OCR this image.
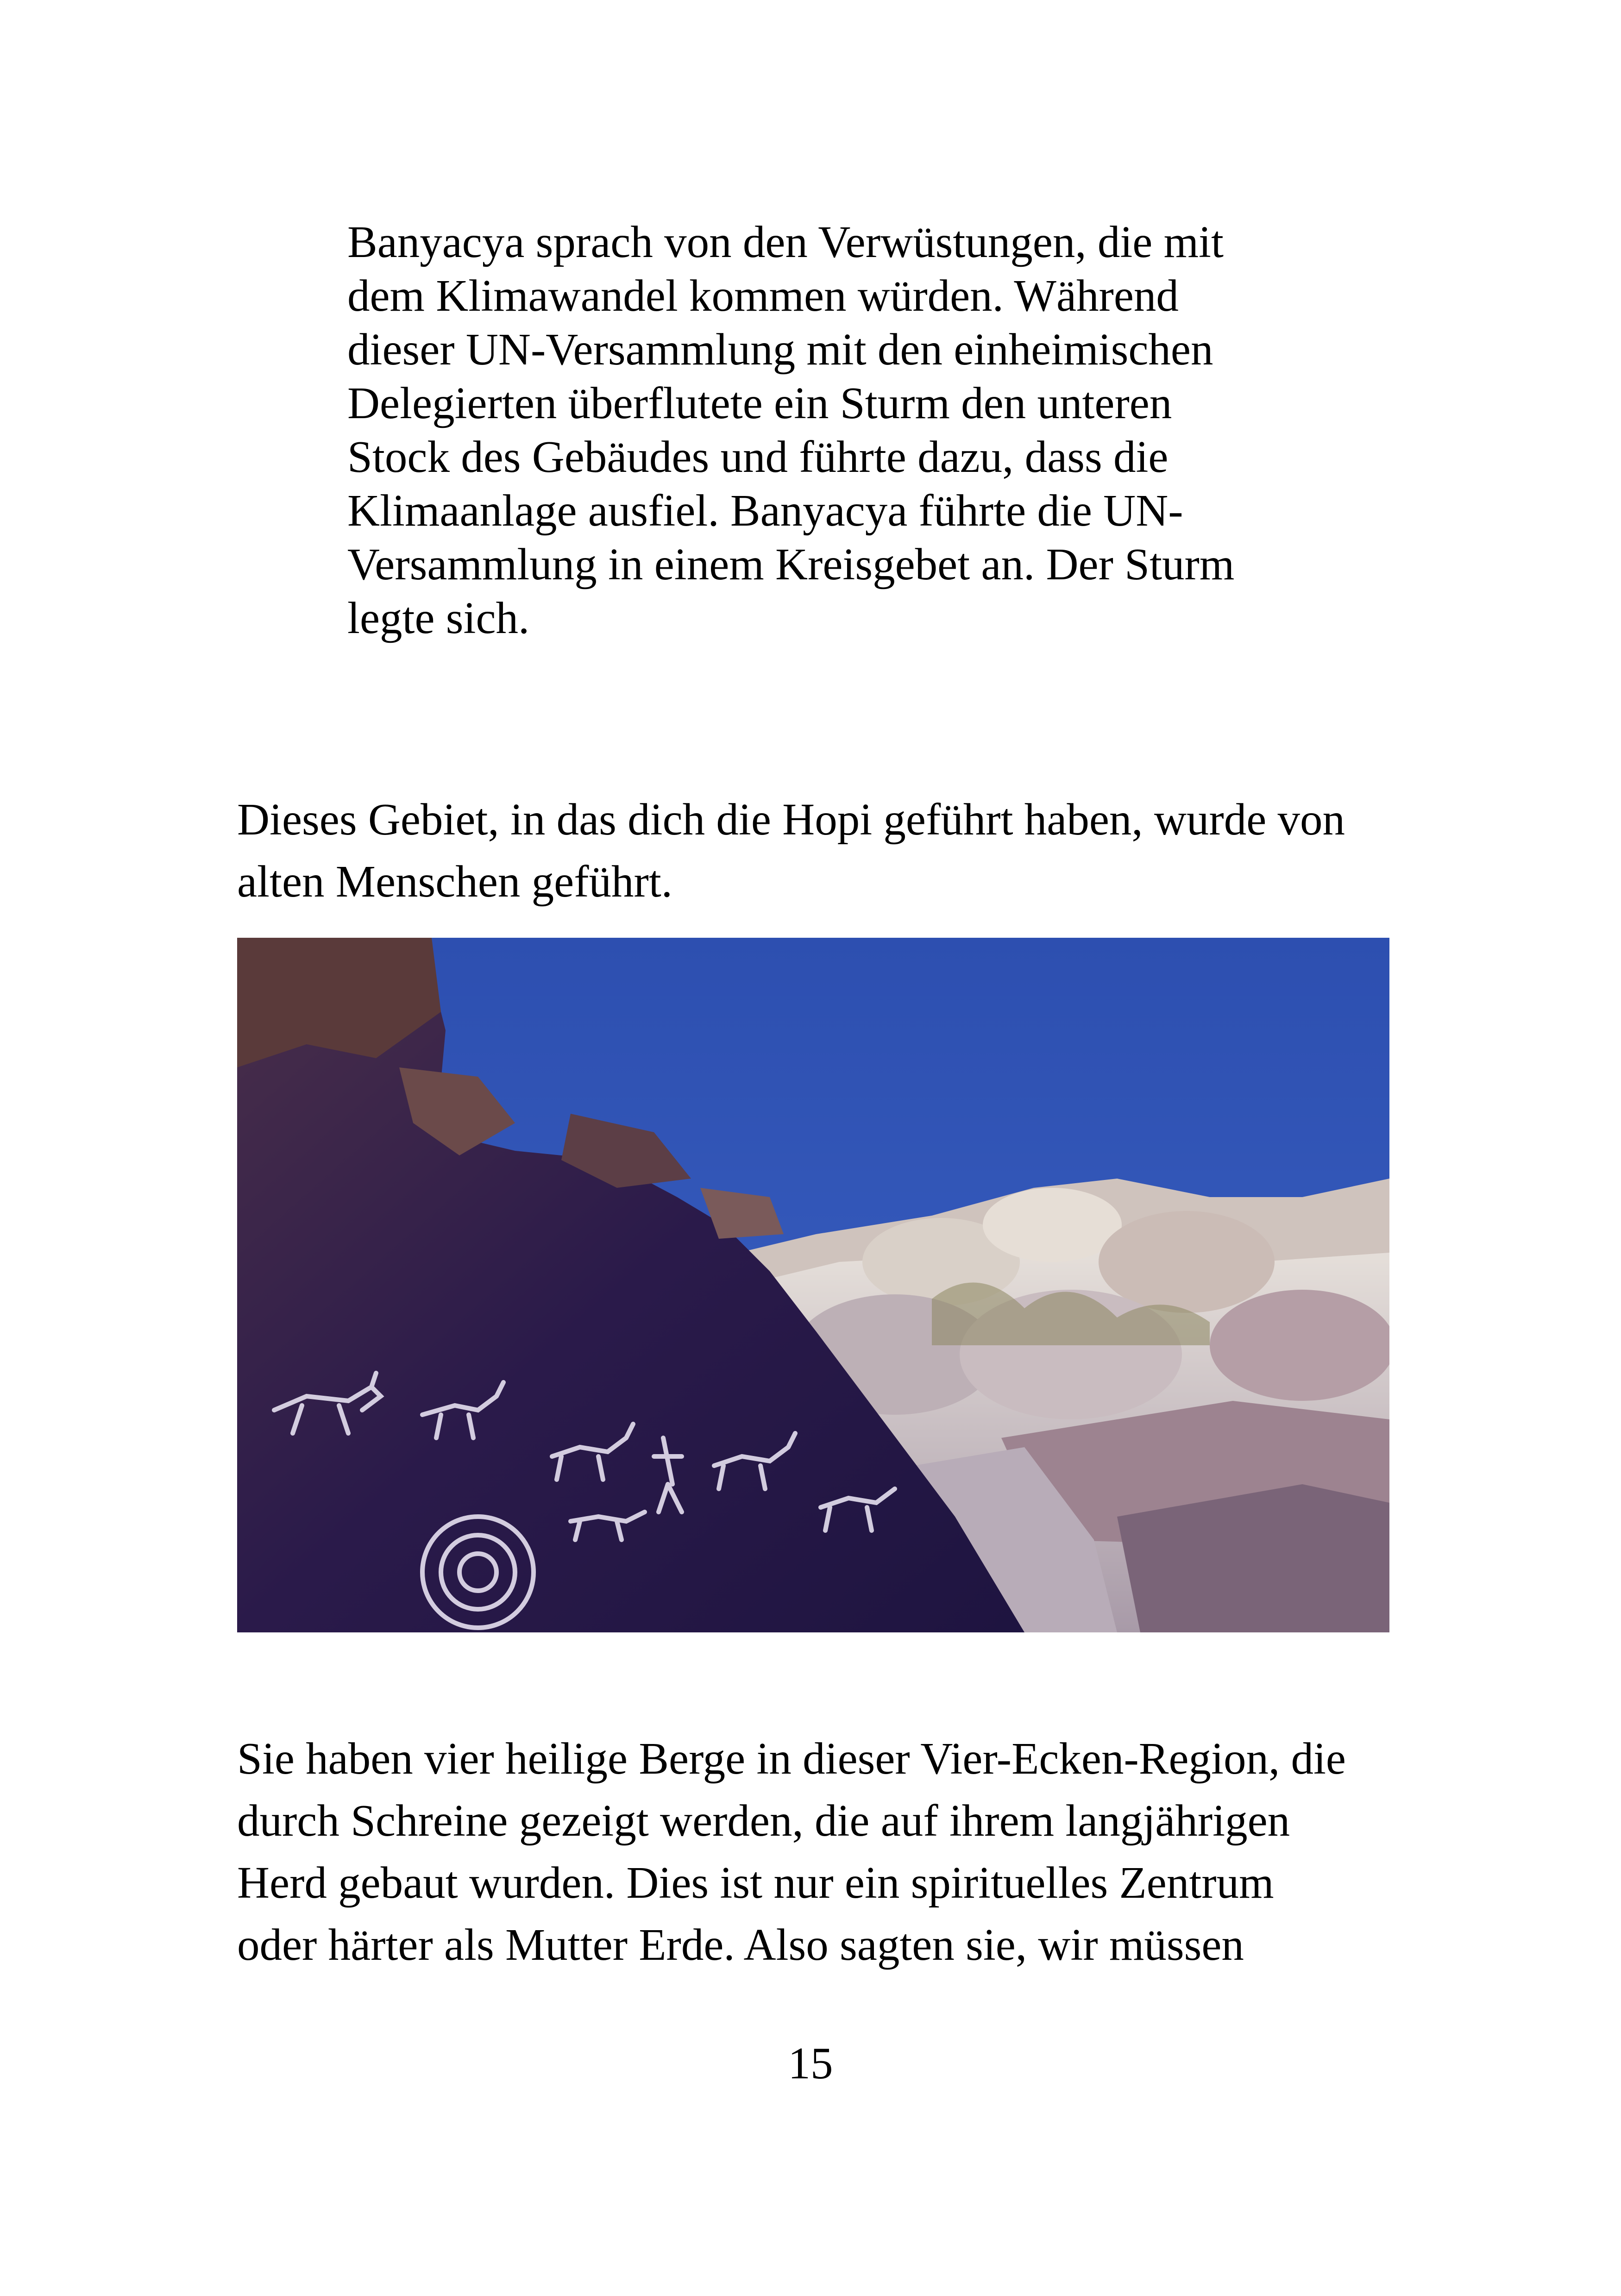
Banyacya sprach von den Verwüstungen, die mit
dem Klimawandel kommen würden. Während
dieser UN-Versammlung mit den einheimischen
Delegierten überflutete ein Sturm den unteren
Stock des Gebäudes und führte dazu, dass die
Klimaanlage ausfiel. Banyacya führte die UN-
Versammlung in einem Kreisgebet an. Der Sturm
legte sich.
Dieses Gebiet, in das dich die Hopi geführt haben, wurde von
alten Menschen geführt.
Sie haben vier heilige Berge in dieser Vier-Ecken-Region, die
durch Schreine gezeigt werden, die auf ihrem langjährigen
Herd gebaut wurden. Dies ist nur ein spirituelles Zentrum
oder härter als Mutter Erde. Also sagten sie, wir müssen
15
